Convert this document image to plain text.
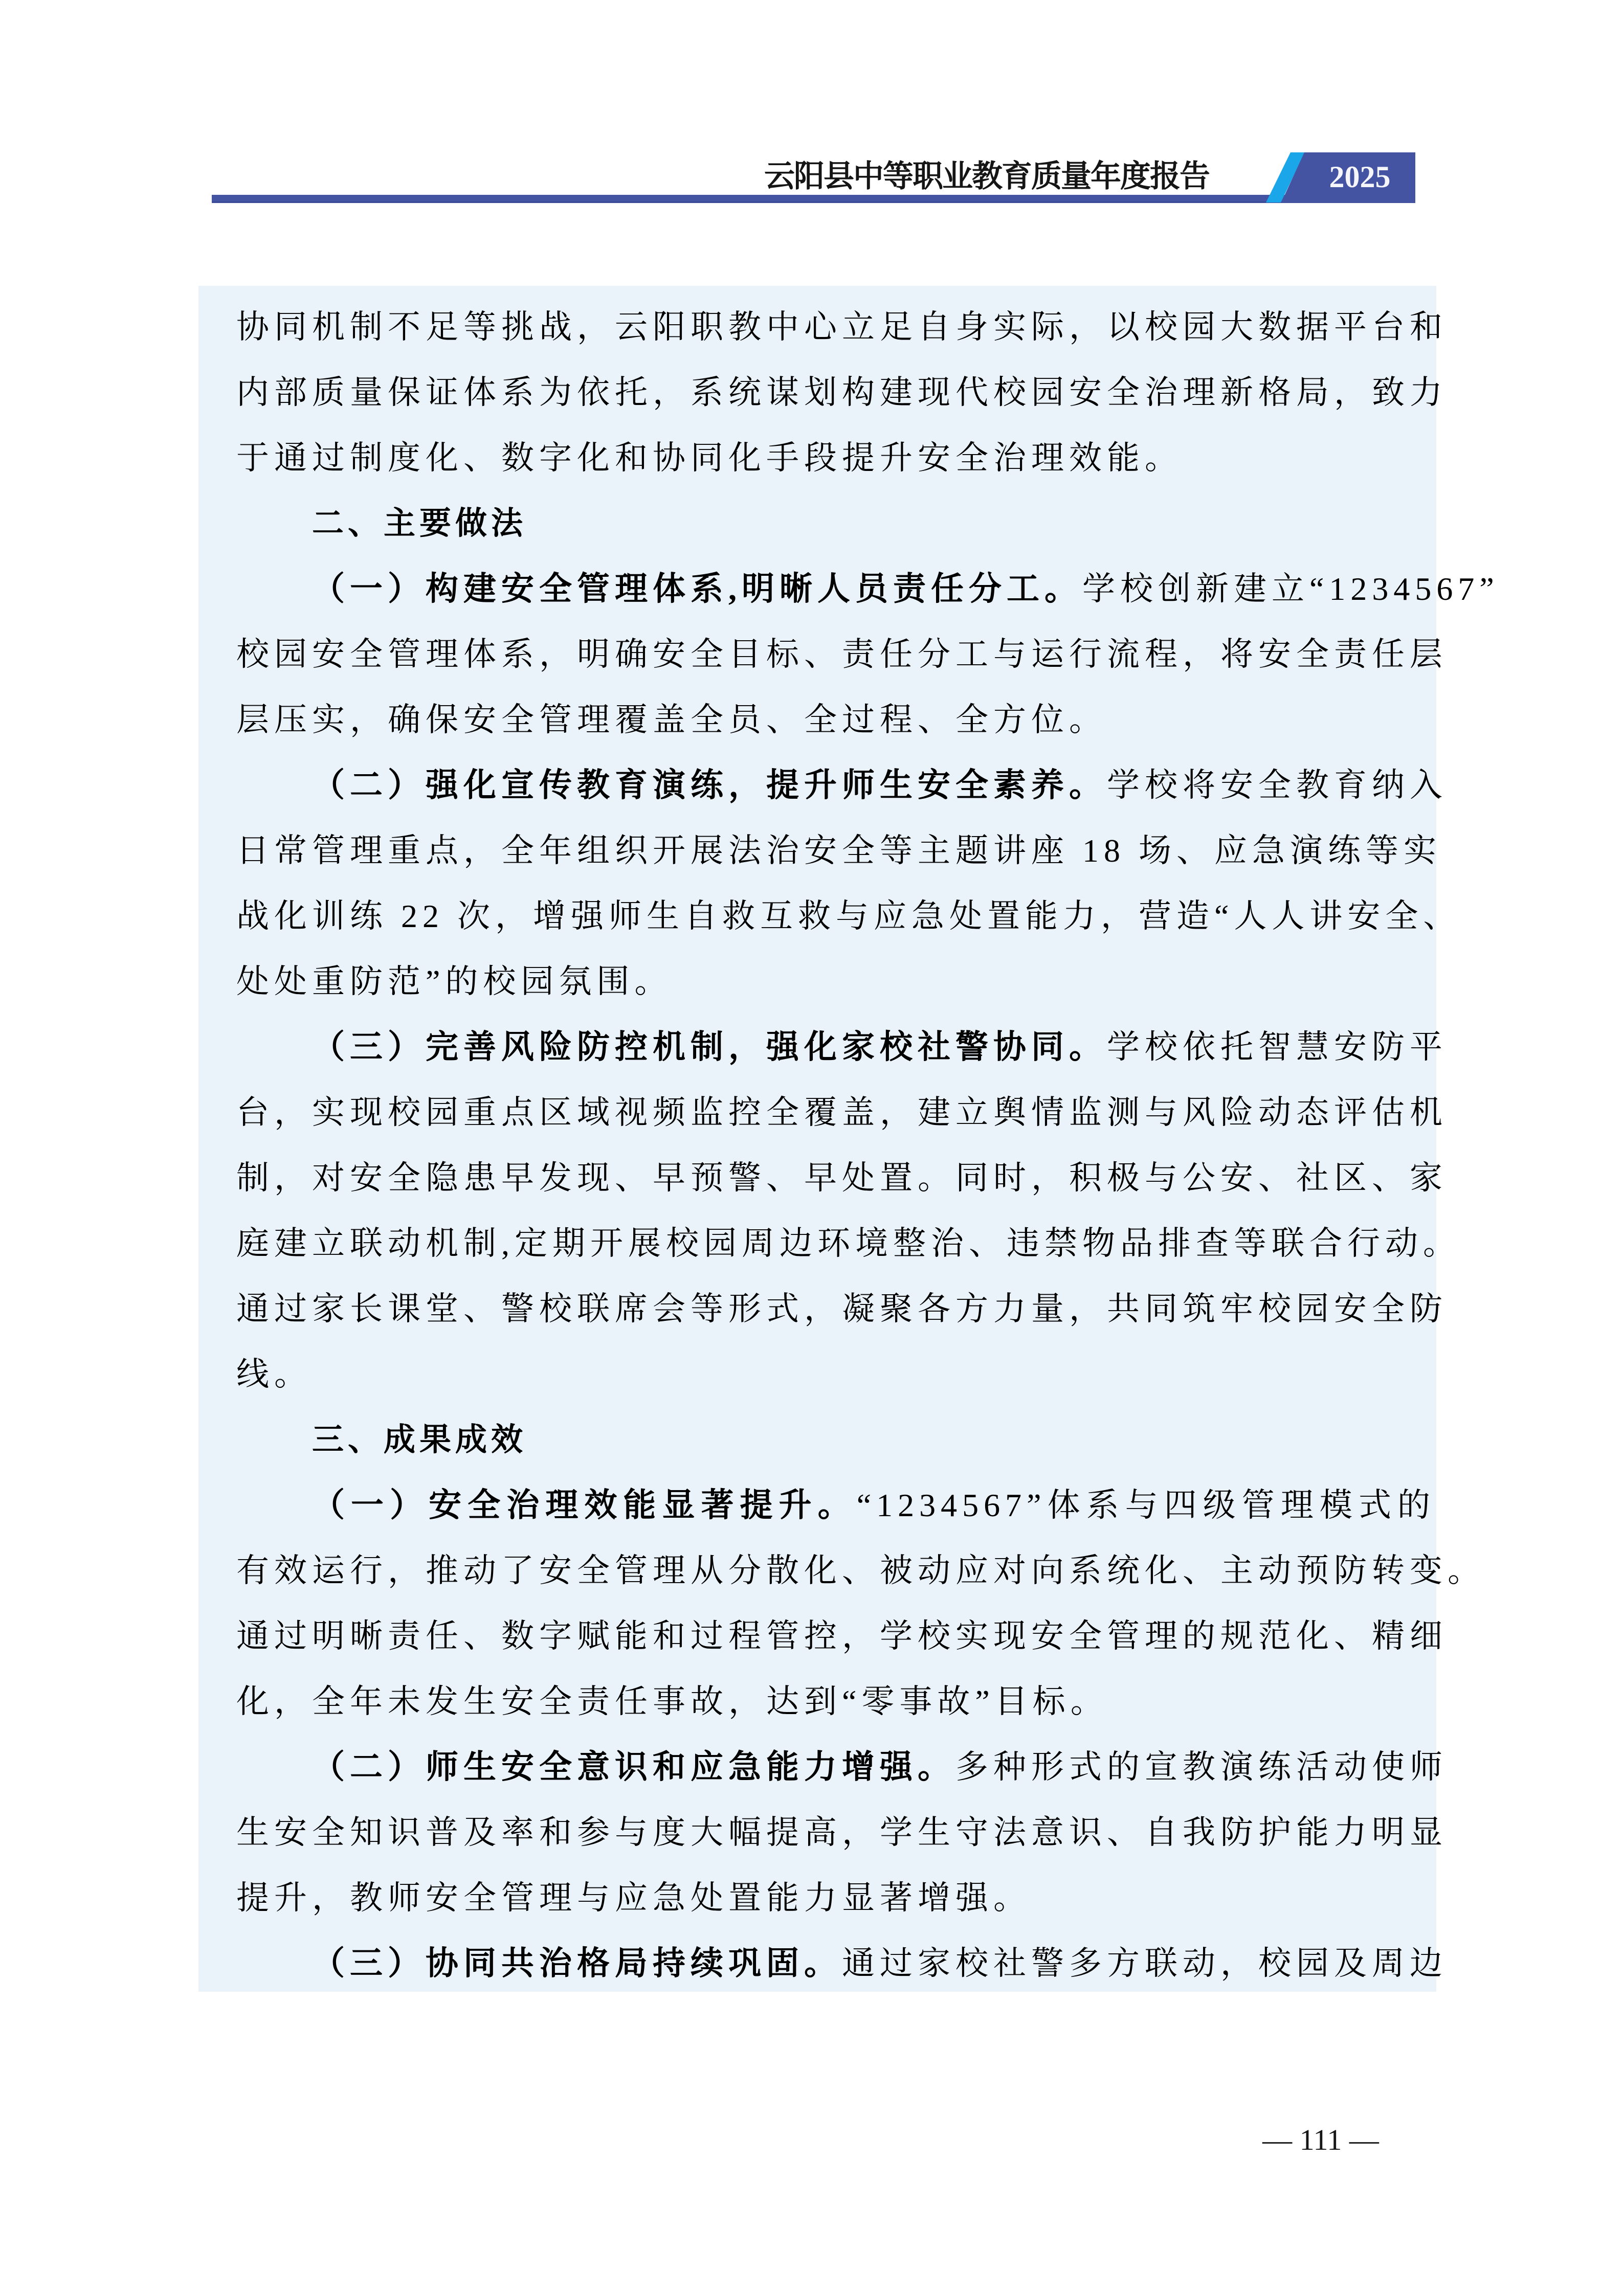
云阳县中等职业教育质量年度报告	2025
协同机制不足等挑战，云阳职教中心立足自身实际，以校园大数据平台和
内部质量保证体系为依托，系统谋划构建现代校园安全治理新格局，致力
于通过制度化、数字化和协同化手段提升安全治理效能。
二、主要做法
（一）构建安全管理体系,明晰人员责任分工。学校创新建立“1234567”
校园安全管理体系，明确安全目标、责任分工与运行流程，将安全责任层
层压实，确保安全管理覆盖全员、全过程、全方位。
（二）强化宣传教育演练，提升师生安全素养。学校将安全教育纳入
日常管理重点，全年组织开展法治安全等主题讲座 18 场、应急演练等实
战化训练 22 次，增强师生自救互救与应急处置能力，营造“人人讲安全、
处处重防范”的校园氛围。
（三）完善风险防控机制，强化家校社警协同。学校依托智慧安防平
台，实现校园重点区域视频监控全覆盖，建立舆情监测与风险动态评估机
制，对安全隐患早发现、早预警、早处置。同时，积极与公安、社区、家
庭建立联动机制,定期开展校园周边环境整治、违禁物品排查等联合行动。
通过家长课堂、警校联席会等形式，凝聚各方力量，共同筑牢校园安全防
线。
三、成果成效
（一）安全治理效能显著提升。“1234567”体系与四级管理模式的
有效运行，推动了安全管理从分散化、被动应对向系统化、主动预防转变。
通过明晰责任、数字赋能和过程管控，学校实现安全管理的规范化、精细
化，全年未发生安全责任事故，达到“零事故”目标。
（二）师生安全意识和应急能力增强。多种形式的宣教演练活动使师
生安全知识普及率和参与度大幅提高，学生守法意识、自我防护能力明显
提升，教师安全管理与应急处置能力显著增强。
（三）协同共治格局持续巩固。通过家校社警多方联动，校园及周边
— 111 —
